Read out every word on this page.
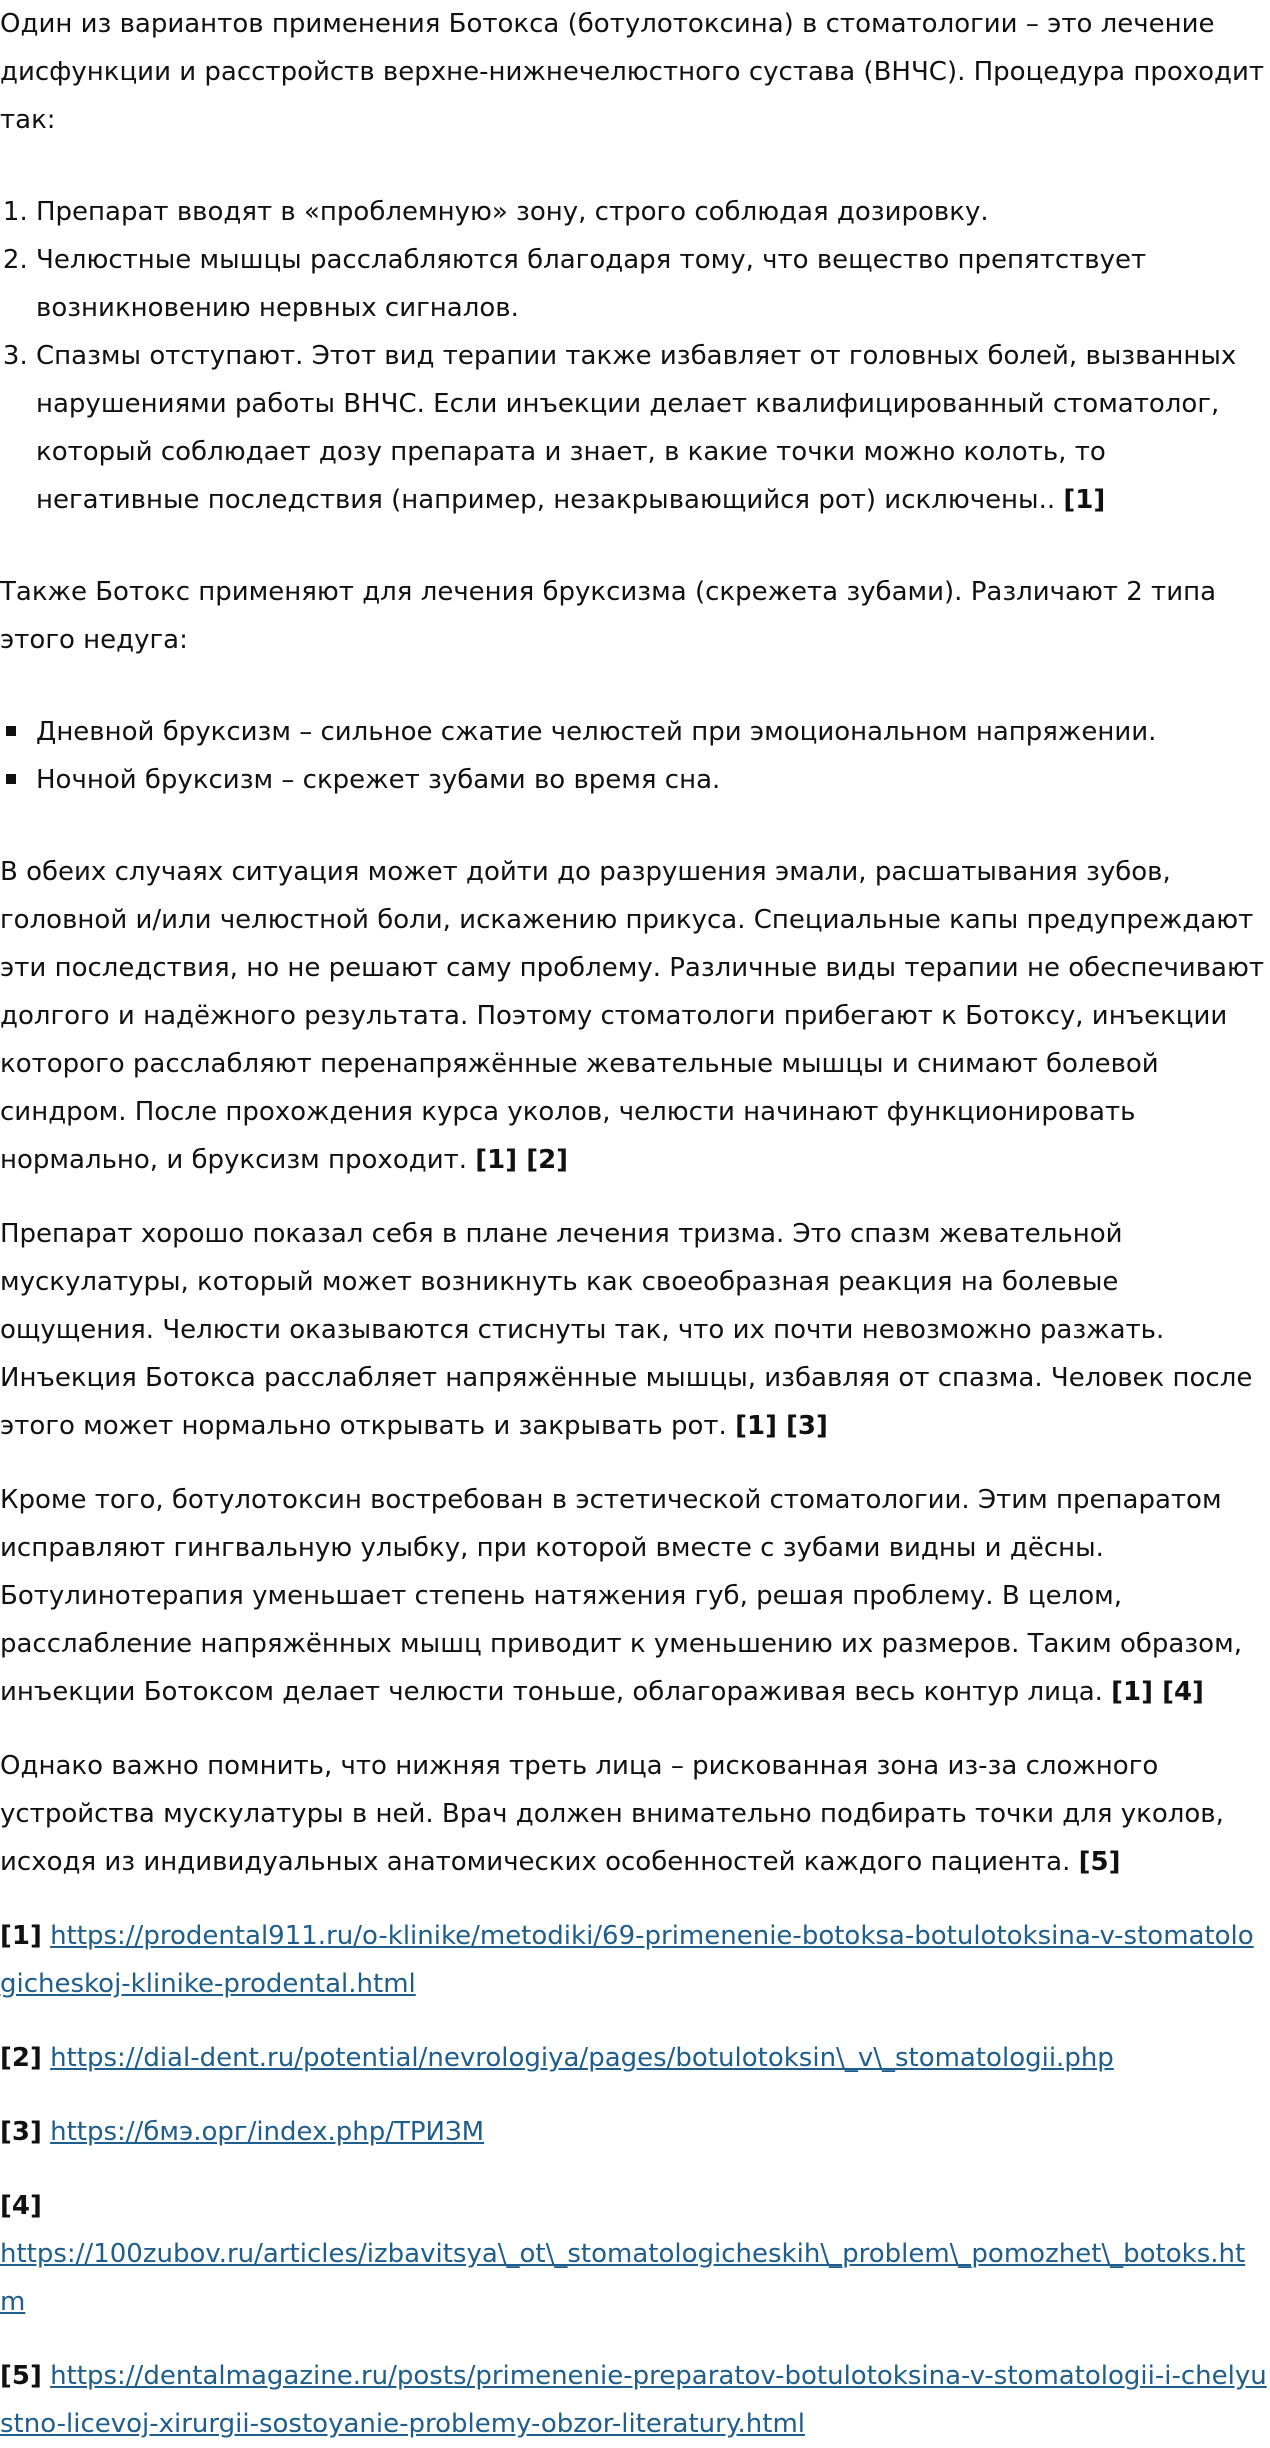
Один из вариантов применения Ботокса (ботулотоксина) в стоматологии – это лечение дисфункции и расстройств верхне-нижнечелюстного сустава (ВНЧС). Процедура проходит так:

1. Препарат вводят в «проблемную» зону, строго соблюдая дозировку.
2. Челюстные мышцы расслабляются благодаря тому, что вещество препятствует возникновению нервных сигналов.
3. Спазмы отступают. Этот вид терапии также избавляет от головных болей, вызванных нарушениями работы ВНЧС. Если инъекции делает квалифицированный стоматолог, который соблюдает дозу препарата и знает, в какие точки можно колоть, то негативные последствия (например, незакрывающийся рот) исключены.. [1]

Также Ботокс применяют для лечения бруксизма (скрежета зубами). Различают 2 типа этого недуга:

Дневной бруксизм – сильное сжатие челюстей при эмоциональном напряжении.
Ночной бруксизм – скрежет зубами во время сна.

В обеих случаях ситуация может дойти до разрушения эмали, расшатывания зубов, головной и/или челюстной боли, искажению прикуса. Специальные капы предупреждают эти последствия, но не решают саму проблему. Различные виды терапии не обеспечивают долгого и надёжного результата. Поэтому стоматологи прибегают к Ботоксу, инъекции которого расслабляют перенапряжённые жевательные мышцы и снимают болевой синдром. После прохождения курса уколов, челюсти начинают функционировать нормально, и бруксизм проходит. [1] [2]

Препарат хорошо показал себя в плане лечения тризма. Это спазм жевательной мускулатуры, который может возникнуть как своеобразная реакция на болевые ощущения. Челюсти оказываются стиснуты так, что их почти невозможно разжать. Инъекция Ботокса расслабляет напряжённые мышцы, избавляя от спазма. Человек после этого может нормально открывать и закрывать рот. [1] [3]

Кроме того, ботулотоксин востребован в эстетической стоматологии. Этим препаратом исправляют гингвальную улыбку, при которой вместе с зубами видны и дёсны. Ботулинотерапия уменьшает степень натяжения губ, решая проблему. В целом, расслабление напряжённых мышц приводит к уменьшению их размеров. Таким образом, инъекции Ботоксом делает челюсти тоньше, облагораживая весь контур лица. [1] [4]

Однако важно помнить, что нижняя треть лица – рискованная зона из-за сложного устройства мускулатуры в ней. Врач должен внимательно подбирать точки для уколов, исходя из индивидуальных анатомических особенностей каждого пациента. [5]

[1] https://prodental911.ru/o-klinike/metodiki/69-primenenie-botoksa-botulotoksina-v-stomatologicheskoj-klinike-prodental.html

[2] https://dial-dent.ru/potential/nevrologiya/pages/botulotoksin\_v\_stomatologii.php

[3] https://бмэ.орг/index.php/ТРИЗМ

[4]
https://100zubov.ru/articles/izbavitsya\_ot\_stomatologicheskih\_problem\_pomozhet\_botoks.htm

[5] https://dentalmagazine.ru/posts/primenenie-preparatov-botulotoksina-v-stomatologii-i-chelyustno-licevoj-xirurgii-sostoyanie-problemy-obzor-literatury.html
